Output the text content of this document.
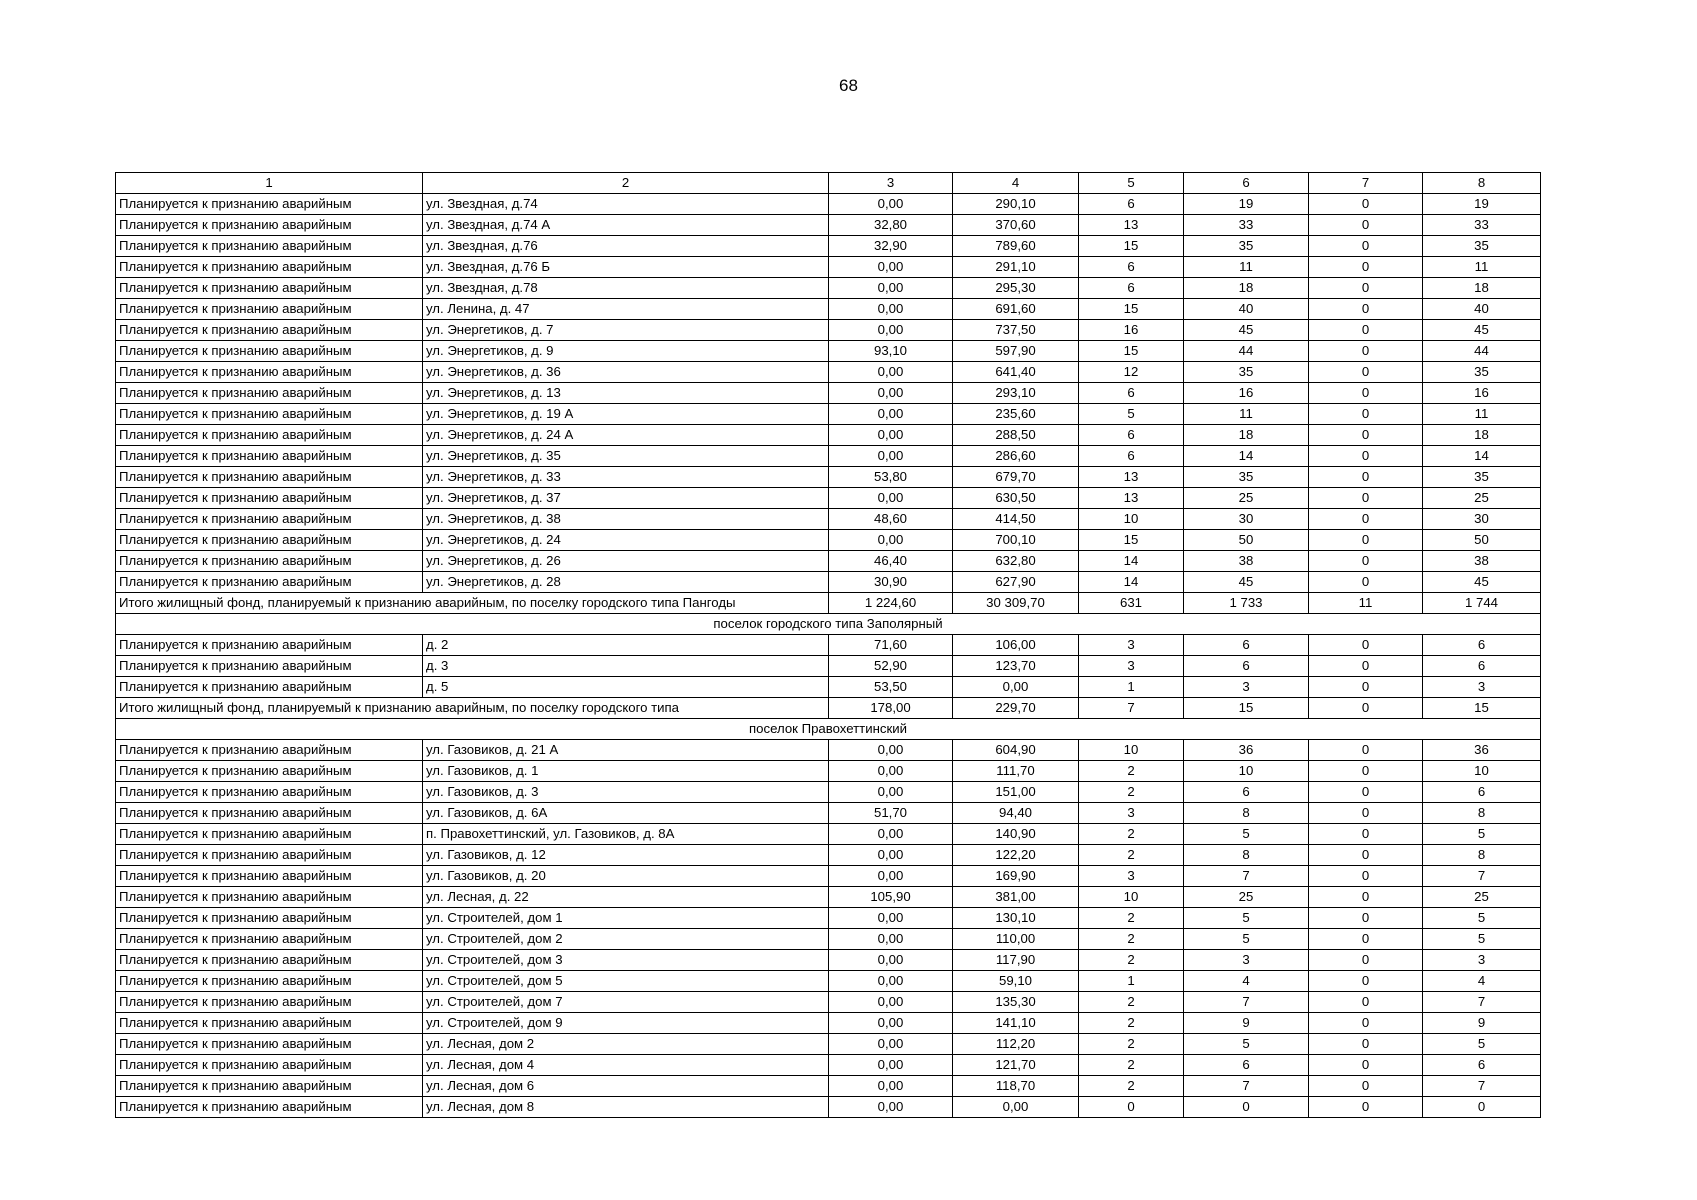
68
1	2	3	4	5	6	7	8
Планируется к признанию аварийным	ул. Звездная, д.74	0,00	290,10	6	19	0	19
Планируется к признанию аварийным	ул. Звездная, д.74 А	32,80	370,60	13	33	0	33
Планируется к признанию аварийным	ул. Звездная, д.76	32,90	789,60	15	35	0	35
Планируется к признанию аварийным	ул. Звездная, д.76 Б	0,00	291,10	6	11	0	11
Планируется к признанию аварийным	ул. Звездная, д.78	0,00	295,30	6	18	0	18
Планируется к признанию аварийным	ул. Ленина, д. 47	0,00	691,60	15	40	0	40
Планируется к признанию аварийным	ул. Энергетиков, д. 7	0,00	737,50	16	45	0	45
Планируется к признанию аварийным	ул. Энергетиков, д. 9	93,10	597,90	15	44	0	44
Планируется к признанию аварийным	ул. Энергетиков, д. 36	0,00	641,40	12	35	0	35
Планируется к признанию аварийным	ул. Энергетиков, д. 13	0,00	293,10	6	16	0	16
Планируется к признанию аварийным	ул. Энергетиков, д. 19 А	0,00	235,60	5	11	0	11
Планируется к признанию аварийным	ул. Энергетиков, д. 24 А	0,00	288,50	6	18	0	18
Планируется к признанию аварийным	ул. Энергетиков, д. 35	0,00	286,60	6	14	0	14
Планируется к признанию аварийным	ул. Энергетиков, д. 33	53,80	679,70	13	35	0	35
Планируется к признанию аварийным	ул. Энергетиков, д. 37	0,00	630,50	13	25	0	25
Планируется к признанию аварийным	ул. Энергетиков, д. 38	48,60	414,50	10	30	0	30
Планируется к признанию аварийным	ул. Энергетиков, д. 24	0,00	700,10	15	50	0	50
Планируется к признанию аварийным	ул. Энергетиков, д. 26	46,40	632,80	14	38	0	38
Планируется к признанию аварийным	ул. Энергетиков, д. 28	30,90	627,90	14	45	0	45
Итого жилищный фонд, планируемый к признанию аварийным, по поселку городского типа Пангоды		1 224,60	30 309,70	631	1 733	11	1 744
поселок городского типа Заполярный							
Планируется к признанию аварийным	д. 2	71,60	106,00	3	6	0	6
Планируется к признанию аварийным	д. 3	52,90	123,70	3	6	0	6
Планируется к признанию аварийным	д. 5	53,50	0,00	1	3	0	3
Итого жилищный фонд, планируемый к признанию аварийным, по поселку городского типа		178,00	229,70	7	15	0	15
поселок Правохеттинский							
Планируется к признанию аварийным	ул. Газовиков, д. 21 А	0,00	604,90	10	36	0	36
Планируется к признанию аварийным	ул. Газовиков, д. 1	0,00	111,70	2	10	0	10
Планируется к признанию аварийным	ул. Газовиков, д. 3	0,00	151,00	2	6	0	6
Планируется к признанию аварийным	ул. Газовиков, д. 6А	51,70	94,40	3	8	0	8
Планируется к признанию аварийным	п. Правохеттинский, ул. Газовиков, д. 8А	0,00	140,90	2	5	0	5
Планируется к признанию аварийным	ул. Газовиков, д. 12	0,00	122,20	2	8	0	8
Планируется к признанию аварийным	ул. Газовиков, д. 20	0,00	169,90	3	7	0	7
Планируется к признанию аварийным	ул. Лесная, д. 22	105,90	381,00	10	25	0	25
Планируется к признанию аварийным	ул. Строителей, дом 1	0,00	130,10	2	5	0	5
Планируется к признанию аварийным	ул. Строителей, дом 2	0,00	110,00	2	5	0	5
Планируется к признанию аварийным	ул. Строителей, дом 3	0,00	117,90	2	3	0	3
Планируется к признанию аварийным	ул. Строителей, дом 5	0,00	59,10	1	4	0	4
Планируется к признанию аварийным	ул. Строителей, дом 7	0,00	135,30	2	7	0	7
Планируется к признанию аварийным	ул. Строителей, дом 9	0,00	141,10	2	9	0	9
Планируется к признанию аварийным	ул. Лесная, дом 2	0,00	112,20	2	5	0	5
Планируется к признанию аварийным	ул. Лесная, дом 4	0,00	121,70	2	6	0	6
Планируется к признанию аварийным	ул. Лесная, дом 6	0,00	118,70	2	7	0	7
Планируется к признанию аварийным	ул. Лесная, дом 8	0,00	0,00	0	0	0	0
